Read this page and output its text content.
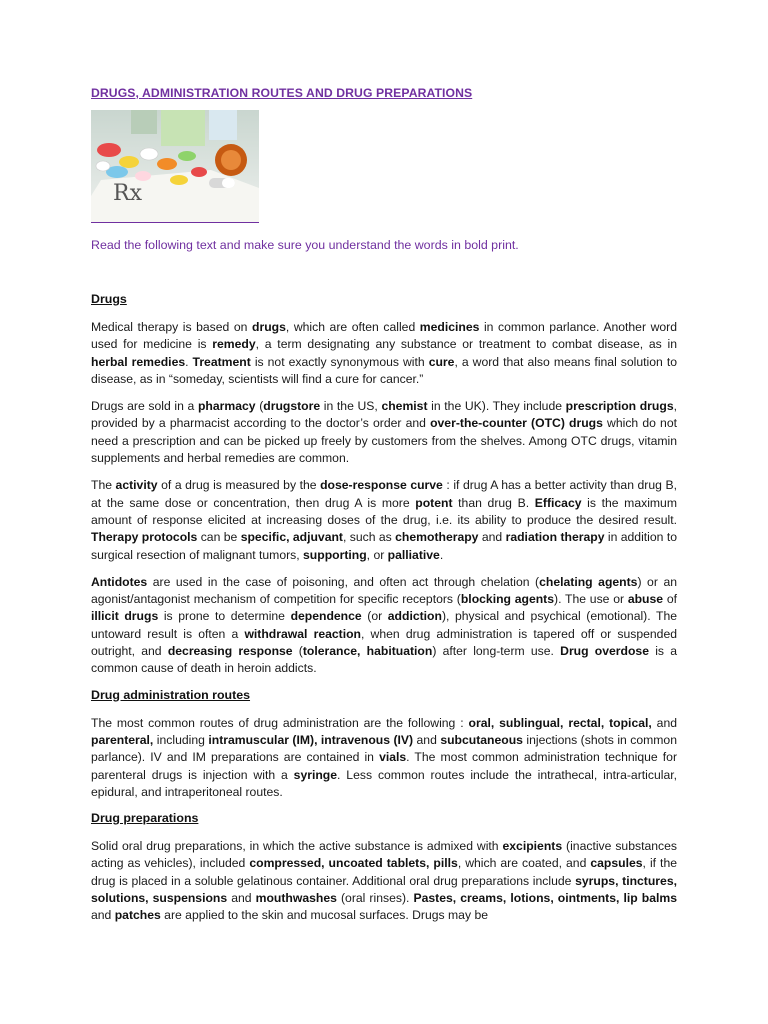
DRUGS, ADMINISTRATION ROUTES AND DRUG PREPARATIONS
Rx
Read the following text and make sure you understand the words in bold print.
Drugs

Medical therapy is based on drugs, which are often called medicines in common parlance. Another word used for medicine is remedy, a term designating any substance or treatment to combat disease, as in herbal remedies. Treatment is not exactly synonymous with cure, a word that also means final solution to disease, as in “someday, scientists will find a cure for cancer.”

Drugs are sold in a pharmacy (drugstore in the US, chemist in the UK). They include prescription drugs, provided by a pharmacist according to the doctor’s order and over-the-counter (OTC) drugs which do not need a prescription and can be picked up freely by customers from the shelves. Among OTC drugs, vitamin supplements and herbal remedies are common.

The activity of a drug is measured by the dose-response curve : if drug A has a better activity than drug B, at the same dose or concentration, then drug A is more potent than drug B. Efficacy is the maximum amount of response elicited at increasing doses of the drug, i.e. its ability to produce the desired result. Therapy protocols can be specific, adjuvant, such as chemotherapy and radiation therapy in addition to surgical resection of malignant tumors, supporting, or palliative.

Antidotes are used in the case of poisoning, and often act through chelation (chelating agents) or an agonist/antagonist mechanism of competition for specific receptors (blocking agents). The use or abuse of illicit drugs is prone to determine dependence (or addiction), physical and psychical (emotional). The untoward result is often a withdrawal reaction, when drug administration is tapered off or suspended outright, and decreasing response (tolerance, habituation) after long-term use. Drug overdose is a common cause of death in heroin addicts.

Drug administration routes

The most common routes of drug administration are the following : oral, sublingual, rectal, topical, and parenteral, including intramuscular (IM), intravenous (IV) and subcutaneous injections (shots in common parlance). IV and IM preparations are contained in vials. The most common administration technique for parenteral drugs is injection with a syringe. Less common routes include the intrathecal, intra-articular, epidural, and intraperitoneal routes.

Drug preparations

Solid oral drug preparations, in which the active substance is admixed with excipients (inactive substances acting as vehicles), included compressed, uncoated tablets, pills, which are coated, and capsules, if the drug is placed in a soluble gelatinous container. Additional oral drug preparations include syrups, tinctures, solutions, suspensions and mouthwashes (oral rinses). Pastes, creams, lotions, ointments, lip balms and patches are applied to the skin and mucosal surfaces. Drugs may be
